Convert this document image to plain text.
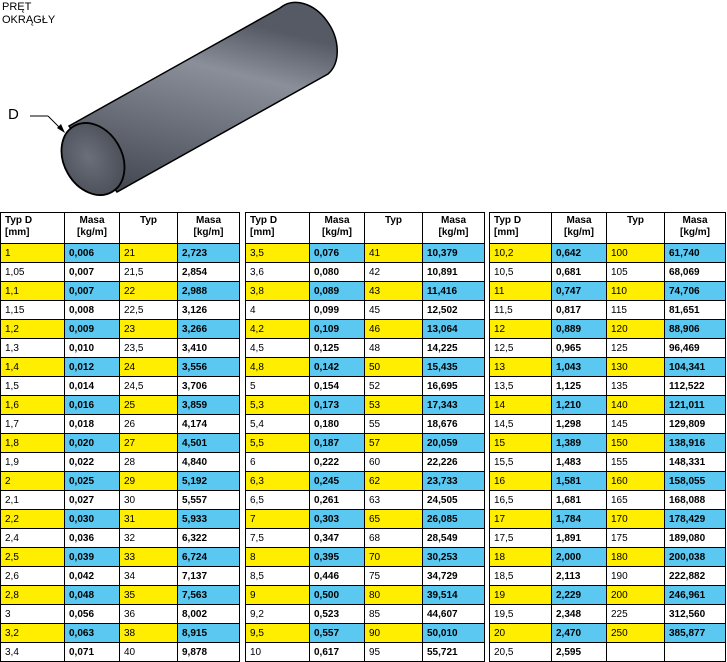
PRĘT
OKRĄGŁY
D
Typ D
[mm]	Masa
[kg/m]	Typ	Masa
[kg/m]

1	0,006	21	2,723
1,05	0,007	21,5	2,854
1,1	0,007	22	2,988
1,15	0,008	22,5	3,126
1,2	0,009	23	3,266
1,3	0,010	23,5	3,410
1,4	0,012	24	3,556
1,5	0,014	24,5	3,706
1,6	0,016	25	3,859
1,7	0,018	26	4,174
1,8	0,020	27	4,501
1,9	0,022	28	4,840
2	0,025	29	5,192
2,1	0,027	30	5,557
2,2	0,030	31	5,933
2,4	0,036	32	6,322
2,5	0,039	33	6,724
2,6	0,042	34	7,137
2,8	0,048	35	7,563
3	0,056	36	8,002
3,2	0,063	38	8,915
3,4	0,071	40	9,878
Typ D
[mm]	Masa
[kg/m]	Typ	Masa
[kg/m]

3,5	0,076	41	10,379
3,6	0,080	42	10,891
3,8	0,089	43	11,416
4	0,099	45	12,502
4,2	0,109	46	13,064
4,5	0,125	48	14,225
4,8	0,142	50	15,435
5	0,154	52	16,695
5,3	0,173	53	17,343
5,4	0,180	55	18,676
5,5	0,187	57	20,059
6	0,222	60	22,226
6,3	0,245	62	23,733
6,5	0,261	63	24,505
7	0,303	65	26,085
7,5	0,347	68	28,549
8	0,395	70	30,253
8,5	0,446	75	34,729
9	0,500	80	39,514
9,2	0,523	85	44,607
9,5	0,557	90	50,010
10	0,617	95	55,721
Typ D
[mm]	Masa
[kg/m]	Typ	Masa
[kg/m]

10,2	0,642	100	61,740
10,5	0,681	105	68,069
11	0,747	110	74,706
11,5	0,817	115	81,651
12	0,889	120	88,906
12,5	0,965	125	96,469
13	1,043	130	104,341
13,5	1,125	135	112,522
14	1,210	140	121,011
14,5	1,298	145	129,809
15	1,389	150	138,916
15,5	1,483	155	148,331
16	1,581	160	158,055
16,5	1,681	165	168,088
17	1,784	170	178,429
17,5	1,891	175	189,080
18	2,000	180	200,038
18,5	2,113	190	222,882
19	2,229	200	246,961
19,5	2,348	225	312,560
20	2,470	250	385,877
20,5	2,595		
